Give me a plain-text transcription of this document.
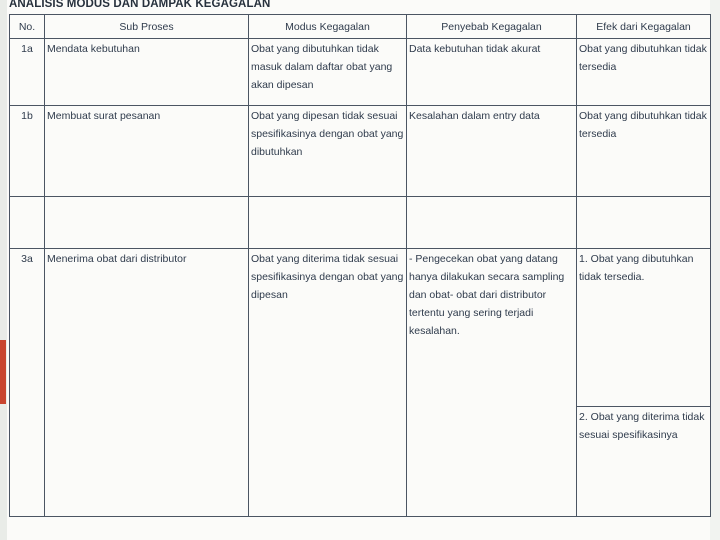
ANALISIS MODUS DAN DAMPAK KEGAGALAN
No.	Sub Proses	Modus Kegagalan	Penyebab Kegagalan	Efek dari Kegagalan
1a	Mendata kebutuhan	Obat yang dibutuhkan tidak masuk dalam daftar obat yang akan dipesan	Data kebutuhan tidak akurat	Obat yang dibutuhkan tidak tersedia
1b	Membuat surat pesanan	Obat yang dipesan tidak sesuai spesifikasinya dengan obat yang dibutuhkan	Kesalahan dalam entry data	Obat yang dibutuhkan tidak tersedia

3a	Menerima obat dari distributor	Obat yang diterima tidak sesuai spesifikasinya dengan obat yang dipesan	- Pengecekan obat yang datang hanya dilakukan secara sampling dan obat- obat dari distributor tertentu yang sering terjadi kesalahan.	1. Obat yang dibutuhkan tidak tersedia.
				2. Obat yang diterima tidak sesuai spesifikasinya
